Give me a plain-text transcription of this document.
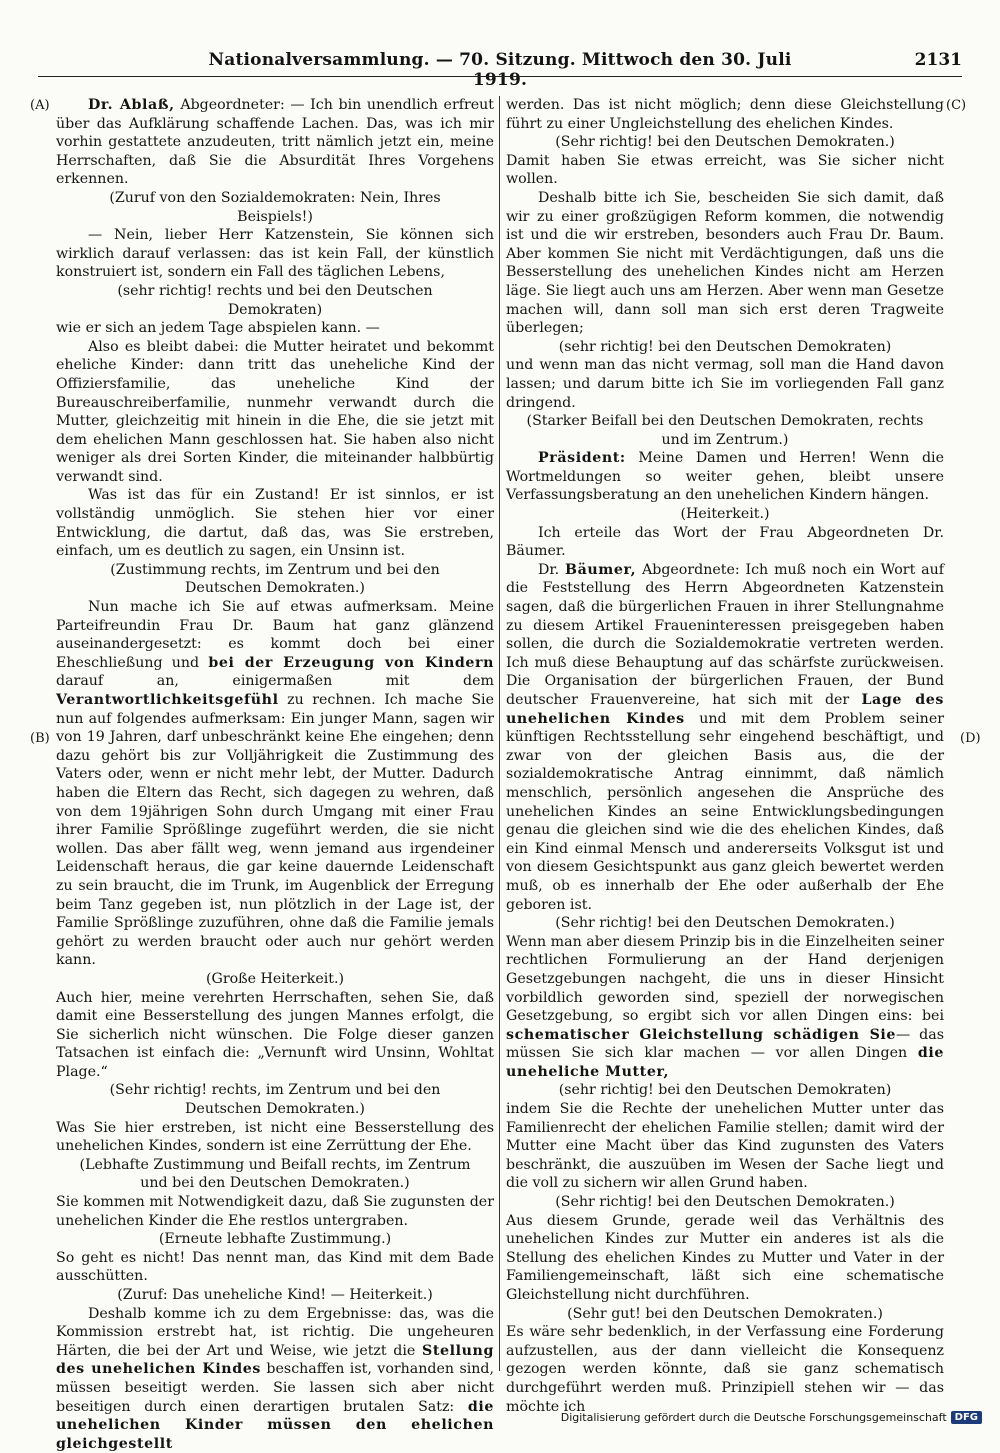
Nationalversammlung. — 70. Sitzung. Mittwoch den 30. Juli 1919.
2131
(A)
(B)
(C)
(D)

Dr. Ablaß, Abgeordneter: — Ich bin unendlich erfreut über das Aufklärung schaffende Lachen. Das, was ich mir vorhin gestattete anzudeuten, tritt nämlich jetzt ein, meine Herrschaften, daß Sie die Absurdität Ihres Vorgehens erkennen.

(Zuruf von den Sozialdemokraten: Nein, Ihres Beispiels!)

— Nein, lieber Herr Katzenstein, Sie können sich wirklich darauf verlassen: das ist kein Fall, der künstlich konstruiert ist, sondern ein Fall des täglichen Lebens,

(sehr richtig! rechts und bei den Deutschen Demokraten)

wie er sich an jedem Tage abspielen kann. —

Also es bleibt dabei: die Mutter heiratet und bekommt eheliche Kinder: dann tritt das uneheliche Kind der Offiziersfamilie, das uneheliche Kind der Bureauschreiberfamilie, nunmehr verwandt durch die Mutter, gleichzeitig mit hinein in die Ehe, die sie jetzt mit dem ehelichen Mann geschlossen hat. Sie haben also nicht weniger als drei Sorten Kinder, die miteinander halbbürtig verwandt sind.

Was ist das für ein Zustand! Er ist sinnlos, er ist vollständig unmöglich. Sie stehen hier vor einer Entwicklung, die dartut, daß das, was Sie erstreben, einfach, um es deutlich zu sagen, ein Unsinn ist.

(Zustimmung rechts, im Zentrum und bei den Deutschen Demokraten.)

Nun mache ich Sie auf etwas aufmerksam. Meine Parteifreundin Frau Dr. Baum hat ganz glänzend auseinandergesetzt: es kommt doch bei einer Eheschließung und bei der Erzeugung von Kindern darauf an, einigermaßen mit dem Verantwortlichkeitsgefühl zu rechnen. Ich mache Sie nun auf folgendes aufmerksam: Ein junger Mann, sagen wir von 19 Jahren, darf unbeschränkt keine Ehe eingehen; denn dazu gehört bis zur Volljährigkeit die Zustimmung des Vaters oder, wenn er nicht mehr lebt, der Mutter. Dadurch haben die Eltern das Recht, sich dagegen zu wehren, daß von dem 19jährigen Sohn durch Umgang mit einer Frau ihrer Familie Sprößlinge zugeführt werden, die sie nicht wollen. Das aber fällt weg, wenn jemand aus irgendeiner Leidenschaft heraus, die gar keine dauernde Leidenschaft zu sein braucht, die im Trunk, im Augenblick der Erregung beim Tanz gegeben ist, nun plötzlich in der Lage ist, der Familie Sprößlinge zuzuführen, ohne daß die Familie jemals gehört zu werden braucht oder auch nur gehört werden kann.

(Große Heiterkeit.)

Auch hier, meine verehrten Herrschaften, sehen Sie, daß damit eine Besserstellung des jungen Mannes erfolgt, die Sie sicherlich nicht wünschen. Die Folge dieser ganzen Tatsachen ist einfach die: „Vernunft wird Unsinn, Wohltat Plage.“

(Sehr richtig! rechts, im Zentrum und bei den Deutschen Demokraten.)

Was Sie hier erstreben, ist nicht eine Besserstellung des unehelichen Kindes, sondern ist eine Zerrüttung der Ehe.

(Lebhafte Zustimmung und Beifall rechts, im Zentrum und bei den Deutschen Demokraten.)

Sie kommen mit Notwendigkeit dazu, daß Sie zugunsten der unehelichen Kinder die Ehe restlos untergraben.

(Erneute lebhafte Zustimmung.)

So geht es nicht! Das nennt man, das Kind mit dem Bade ausschütten.

(Zuruf: Das uneheliche Kind! — Heiterkeit.)

Deshalb komme ich zu dem Ergebnisse: das, was die Kommission erstrebt hat, ist richtig. Die ungeheuren Härten, die bei der Art und Weise, wie jetzt die Stellung des unehelichen Kindes beschaffen ist, vorhanden sind, müssen beseitigt werden. Sie lassen sich aber nicht beseitigen durch einen derartigen brutalen Satz: die unehelichen Kinder müssen den ehelichen gleichgestellt

werden. Das ist nicht möglich; denn diese Gleichstellung führt zu einer Ungleichstellung des ehelichen Kindes.

(Sehr richtig! bei den Deutschen Demokraten.)

Damit haben Sie etwas erreicht, was Sie sicher nicht wollen.

Deshalb bitte ich Sie, bescheiden Sie sich damit, daß wir zu einer großzügigen Reform kommen, die notwendig ist und die wir erstreben, besonders auch Frau Dr. Baum. Aber kommen Sie nicht mit Verdächtigungen, daß uns die Besserstellung des unehelichen Kindes nicht am Herzen läge. Sie liegt auch uns am Herzen. Aber wenn man Gesetze machen will, dann soll man sich erst deren Tragweite überlegen;

(sehr richtig! bei den Deutschen Demokraten)

und wenn man das nicht vermag, soll man die Hand davon lassen; und darum bitte ich Sie im vorliegenden Fall ganz dringend.

(Starker Beifall bei den Deutschen Demokraten, rechts und im Zentrum.)

Präsident: Meine Damen und Herren! Wenn die Wortmeldungen so weiter gehen, bleibt unsere Verfassungsberatung an den unehelichen Kindern hängen.

(Heiterkeit.)

Ich erteile das Wort der Frau Abgeordneten Dr. Bäumer.

Dr. Bäumer, Abgeordnete: Ich muß noch ein Wort auf die Feststellung des Herrn Abgeordneten Katzenstein sagen, daß die bürgerlichen Frauen in ihrer Stellungnahme zu diesem Artikel Fraueninteressen preisgegeben haben sollen, die durch die Sozialdemokratie vertreten werden. Ich muß diese Behauptung auf das schärfste zurückweisen. Die Organisation der bürgerlichen Frauen, der Bund deutscher Frauenvereine, hat sich mit der Lage des unehelichen Kindes und mit dem Problem seiner künftigen Rechtsstellung sehr eingehend beschäftigt, und zwar von der gleichen Basis aus, die der sozialdemokratische Antrag einnimmt, daß nämlich menschlich, persönlich angesehen die Ansprüche des unehelichen Kindes an seine Entwicklungsbedingungen genau die gleichen sind wie die des ehelichen Kindes, daß ein Kind einmal Mensch und andererseits Volksgut ist und von diesem Gesichtspunkt aus ganz gleich bewertet werden muß, ob es innerhalb der Ehe oder außerhalb der Ehe geboren ist.

(Sehr richtig! bei den Deutschen Demokraten.)

Wenn man aber diesem Prinzip bis in die Einzelheiten seiner rechtlichen Formulierung an der Hand derjenigen Gesetzgebungen nachgeht, die uns in dieser Hinsicht vorbildlich geworden sind, speziell der norwegischen Gesetzgebung, so ergibt sich vor allen Dingen eins: bei schematischer Gleichstellung schädigen Sie— das müssen Sie sich klar machen — vor allen Dingen die uneheliche Mutter,

(sehr richtig! bei den Deutschen Demokraten)

indem Sie die Rechte der unehelichen Mutter unter das Familienrecht der ehelichen Familie stellen; damit wird der Mutter eine Macht über das Kind zugunsten des Vaters beschränkt, die auszuüben im Wesen der Sache liegt und die voll zu sichern wir allen Grund haben.

(Sehr richtig! bei den Deutschen Demokraten.)

Aus diesem Grunde, gerade weil das Verhältnis des unehelichen Kindes zur Mutter ein anderes ist als die Stellung des ehelichen Kindes zu Mutter und Vater in der Familiengemeinschaft, läßt sich eine schematische Gleichstellung nicht durchführen.

(Sehr gut! bei den Deutschen Demokraten.)

Es wäre sehr bedenklich, in der Verfassung eine Forderung aufzustellen, aus der dann vielleicht die Konsequenz gezogen werden könnte, daß sie ganz schematisch durchgeführt werden muß. Prinzipiell stehen wir — das möchte ich

Digitalisierung gefördert durch die Deutsche Forschungsgemeinschaft DFG
